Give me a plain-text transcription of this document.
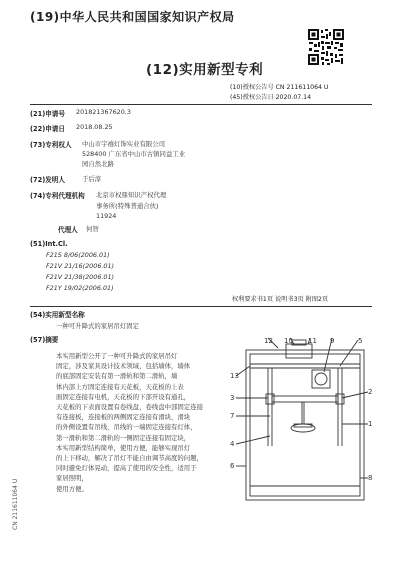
(19)中华人民共和国国家知识产权局
(12)实用新型专利
(10)授权公告号 CN 211611064 U
(45)授权公告日 2020.07.14
(21)申请号 201821367620.3
(22)申请日 2018.08.25
(73)专利权人 中山市宇禧灯饰实业有限公司
528400 广东省中山市古镇同益工业
园自然北路
(72)发明人	于后淳
(74)专利代理机构 北京市权鼎知识产权代理
事务所(特殊普通合伙)
11924
代理人 何智
(51)Int.Cl.
F21S 8/06(2006.01)
F21V 21/16(2006.01)
F21V 21/38(2006.01)
F21Y 19/02(2006.01)
权利要求书1页 说明书3页 附图2页
(54)实用新型名称
一种可升降式的家居吊灯固定
(57)摘要
本实用新型公开了一种可升降式的家居吊灯
固定，涉及家具设计技术领域，包括墙体，墙体
的底部固定安装有第一滑轨和第二滑轨，墙
体内部上方固定连接有天花板，天花板的上表
面固定连接有电机，天花板的下部开设有通孔，
天花板的下表面设置有卷线盘，卷线盘中部固定连接
有连接板，连接板的两侧固定连接有滑块，滑块
的外侧设置有吊线，吊线的一端固定连接有灯体，
第一滑轨和第二滑轨的一侧固定连接有固定块，
本实用新型结构简单，使用方便，能够实现吊灯
的上下移动，解决了吊灯不能自由调节高度的问题，
同时避免灯体晃动，提高了使用的安全性，适用于
家居照明，
使用方便。
CN 211611064 U
12 10 11 9	5
13
3
7
2
4
1
6
8
